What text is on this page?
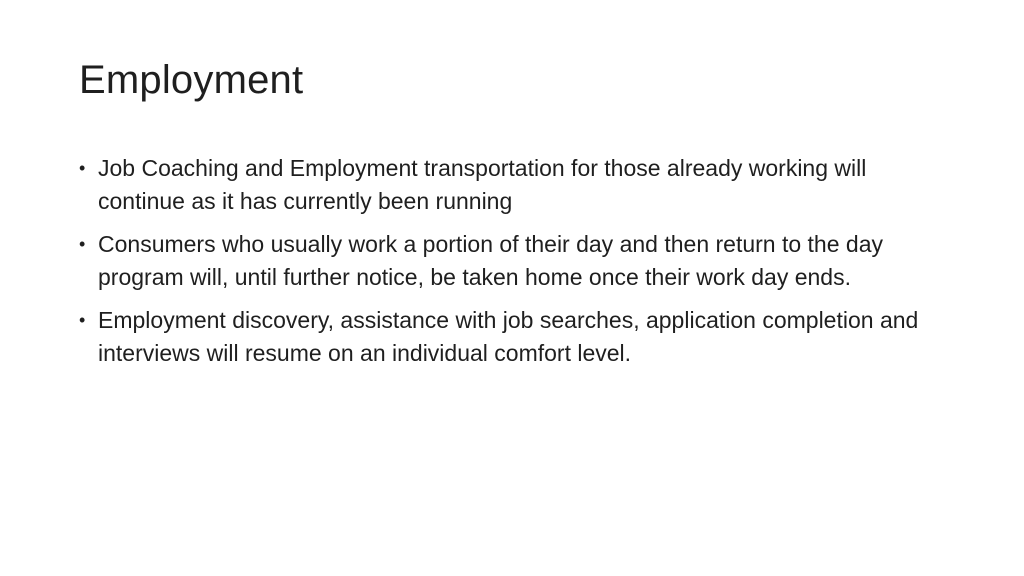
Employment
• Job Coaching and Employment transportation for those already working will continue as it has currently been running
• Consumers who usually work a portion of their day and then return to the day program will, until further notice, be taken home once their work day ends.
• Employment discovery, assistance with job searches, application completion and interviews will resume on an individual comfort level.
